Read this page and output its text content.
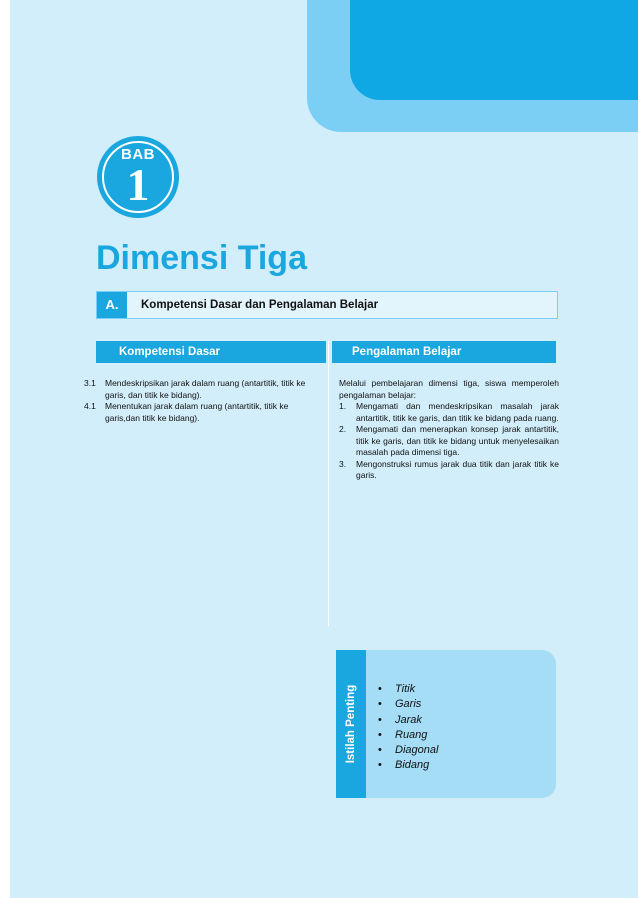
BAB
1
Dimensi Tiga
A.	Kompetensi Dasar dan Pengalaman Belajar
Kompetensi Dasar	Pengalaman Belajar
3.1 Mendeskripsikan jarak dalam ruang (antartitik, titik ke garis, dan titik ke bidang).
4.1 Menentukan jarak dalam ruang (antartitik, titik ke garis,dan titik ke bidang).

Melalui pembelajaran dimensi tiga, siswa memperoleh pengalaman belajar:

1. Mengamati dan mendeskripsikan masalah jarak antartitik, titik ke garis, dan titik ke bidang pada ruang.
2. Mengamati dan menerapkan konsep jarak antartitik, titik ke garis, dan titik ke bidang untuk menyelesaikan masalah pada dimensi tiga.
3. Mengonstruksi rumus jarak dua titik dan jarak titik ke garis.
Istilah Penting
•	Titik
• Garis
• Jarak
• Ruang
• Diagonal
• Bidang
